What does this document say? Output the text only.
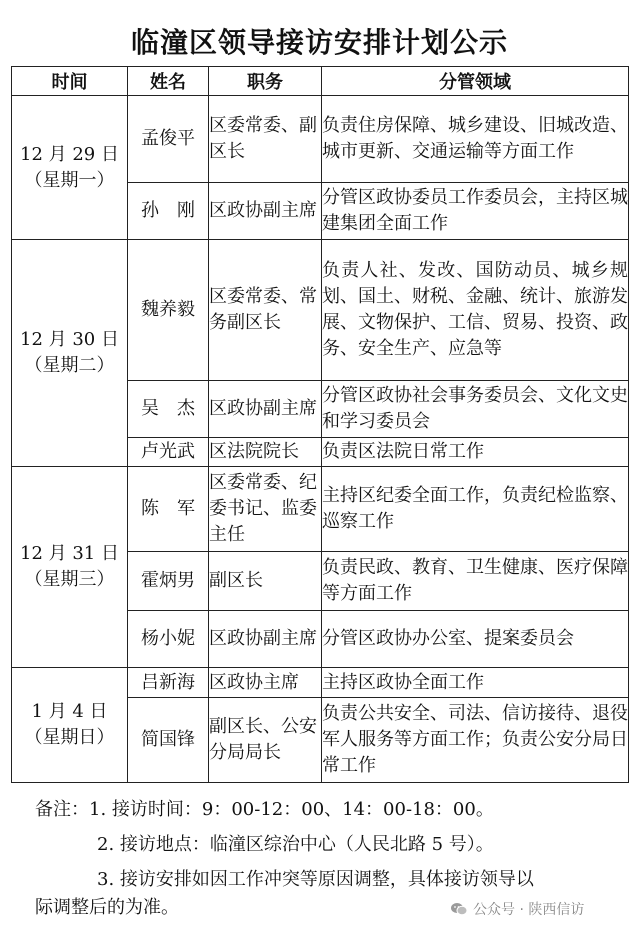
临潼区领导接访安排计划公示
时间	姓名	职务	分管领域

12 月 29 日
（星期一）	孟俊平	区委常委、副区长	负责住房保障、城乡建设、旧城改造、城市更新、交通运输等方面工作
	孙　刚	区政协副主席	分管区政协委员工作委员会，主持区城建集团全面工作

12 月 30 日
（星期二）	魏养毅	区委常委、常务副区长	负责人社、发改、国防动员、城乡规划、国土、财税、金融、统计、旅游发展、文物保护、工信、贸易、投资、政务、安全生产、应急等
	吴　杰	区政协副主席	分管区政协社会事务委员会、文化文史和学习委员会
	卢光武	区法院院长	负责区法院日常工作

12 月 31 日
（星期三）	陈　军	区委常委、纪委书记、监委主任	主持区纪委全面工作，负责纪检监察、巡察工作
	霍炳男	副区长	负责民政、教育、卫生健康、医疗保障等方面工作
	杨小妮	区政协副主席	分管区政协办公室、提案委员会

1 月 4 日
（星期日）	吕新海	区政协主席	主持区政协全面工作
	简国锋	副区长、公安分局局长	负责公共安全、司法、信访接待、退役军人服务等方面工作；负责公安分局日常工作
备注：1. 接访时间：9：00-12：00、14：00-18：00。
2. 接访地点：临潼区综治中心（人民北路 5 号）。
3. 接访安排如因工作冲突等原因调整，具体接访领导以
际调整后的为准。	公众号 · 陕西信访
